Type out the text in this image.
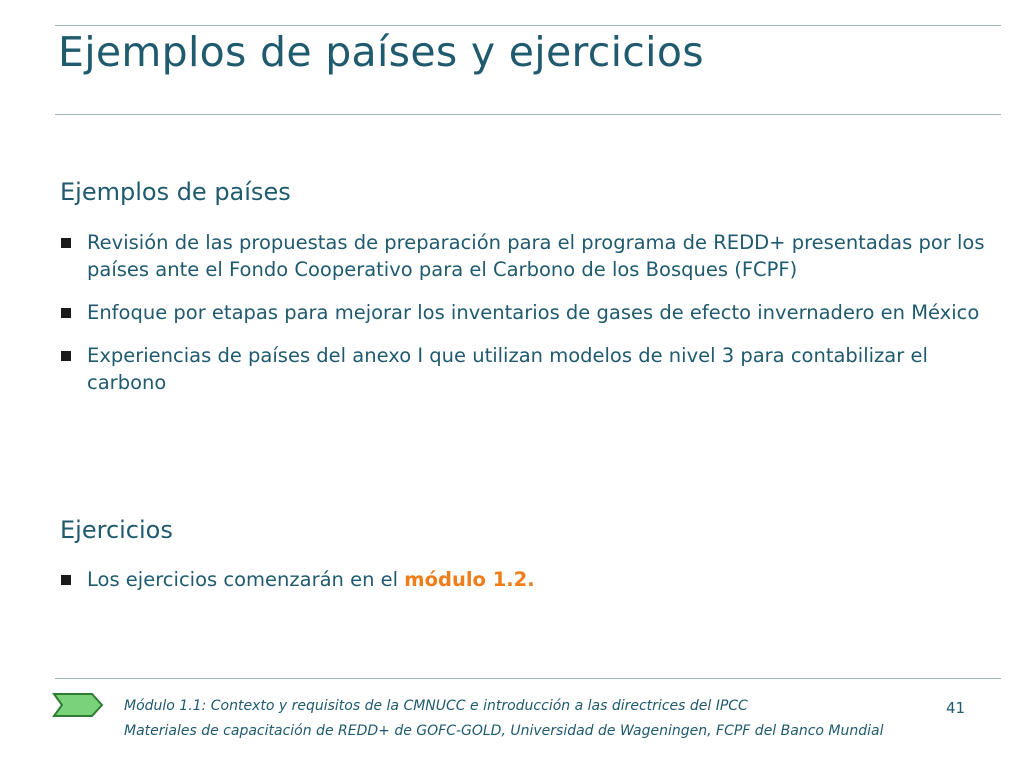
Ejemplos de países y ejercicios
Ejemplos de países
Revisión de las propuestas de preparación para el programa de REDD+ presentadas por los países ante el Fondo Cooperativo para el Carbono de los Bosques (FCPF)
Enfoque por etapas para mejorar los inventarios de gases de efecto invernadero en México
Experiencias de países del anexo I que utilizan modelos de nivel 3 para contabilizar el carbono
Ejercicios
Los ejercicios comenzarán en el módulo 1.2.
Módulo 1.1: Contexto y requisitos de la CMNUCC e introducción a las directrices del IPCC
Materiales de capacitación de REDD+ de GOFC-GOLD, Universidad de Wageningen, FCPF del Banco Mundial
41
